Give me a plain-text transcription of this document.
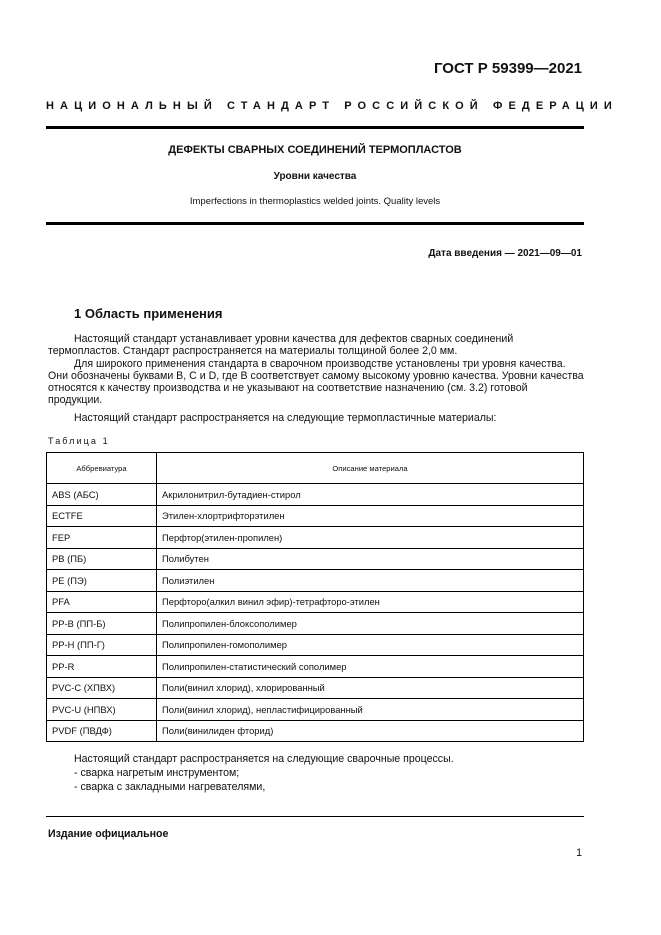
ГОСТ Р 59399—2021
НАЦИОНАЛЬНЫЙ СТАНДАРТ РОССИЙСКОЙ ФЕДЕРАЦИИ
ДЕФЕКТЫ СВАРНЫХ СОЕДИНЕНИЙ ТЕРМОПЛАСТОВ
Уровни качества
Imperfections in thermoplastics welded joints. Quality levels
Дата введения — 2021—09—01
1 Область применения
Настоящий стандарт устанавливает уровни качества для дефектов сварных соединений термопластов. Стандарт распространяется на материалы толщиной более 2,0 мм.
Для широкого применения стандарта в сварочном производстве установлены три уровня качества. Они обозначены буквами B, C и D, где B соответствует самому высокому уровню качества. Уровни качества относятся к качеству производства и не указывают на соответствие назначению (см. 3.2) готовой продукции.
Настоящий стандарт распространяется на следующие термопластичные материалы:
Таблица 1
Аббревиатура	Описание материала
ABS (АБС)	Акрилонитрил-бутадиен-стирол
ECTFE	Этилен-хлортрифторэтилен
FEP	Перфтор(этилен-пропилен)
PB (ПБ)	Полибутен
PE (ПЭ)	Полиэтилен
PFA	Перфторо(алкил винил эфир)-тетрафторо-этилен
PP-B (ПП-Б)	Полипропилен-блоксополимер
PP-H (ПП-Г)	Полипропилен-гомополимер
PP-R	Полипропилен-статистический сополимер
PVC-C (ХПВХ)	Поли(винил хлорид), хлорированный
PVC-U (НПВХ)	Поли(винил хлорид), непластифицированный
PVDF (ПВДФ)	Поли(винилиден фторид)
Настоящий стандарт распространяется на следующие сварочные процессы.
- сварка нагретым инструментом;
- сварка с закладными нагревателями,
Издание официальное
1
